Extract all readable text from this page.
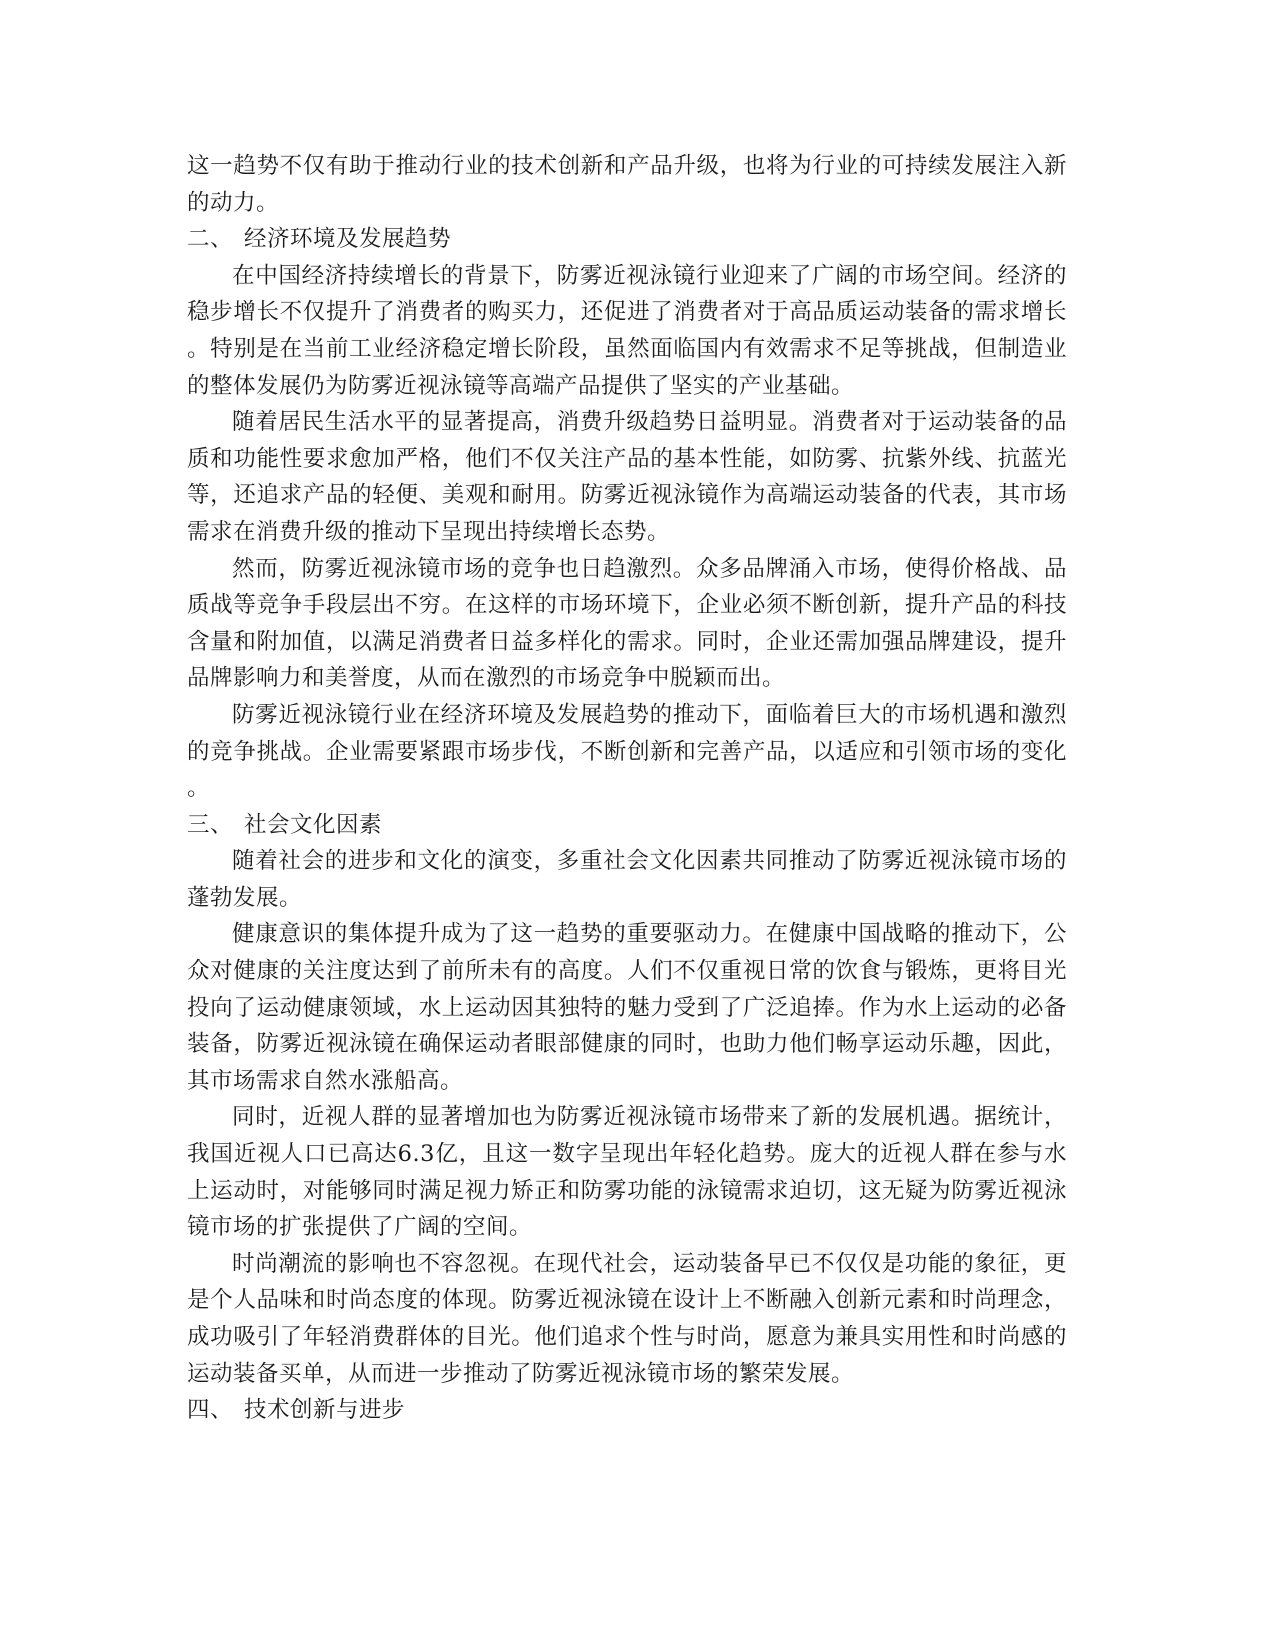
这一趋势不仅有助于推动行业的技术创新和产品升级，也将为行业的可持续发展注入新的动力。

二、 经济环境及发展趋势

在中国经济持续增长的背景下，防雾近视泳镜行业迎来了广阔的市场空间。经济的稳步增长不仅提升了消费者的购买力，还促进了消费者对于高品质运动装备的需求增长。特别是在当前工业经济稳定增长阶段，虽然面临国内有效需求不足等挑战，但制造业的整体发展仍为防雾近视泳镜等高端产品提供了坚实的产业基础。

随着居民生活水平的显著提高，消费升级趋势日益明显。消费者对于运动装备的品质和功能性要求愈加严格，他们不仅关注产品的基本性能，如防雾、抗紫外线、抗蓝光等，还追求产品的轻便、美观和耐用。防雾近视泳镜作为高端运动装备的代表，其市场需求在消费升级的推动下呈现出持续增长态势。

然而，防雾近视泳镜市场的竞争也日趋激烈。众多品牌涌入市场，使得价格战、品质战等竞争手段层出不穷。在这样的市场环境下，企业必须不断创新，提升产品的科技含量和附加值，以满足消费者日益多样化的需求。同时，企业还需加强品牌建设，提升品牌影响力和美誉度，从而在激烈的市场竞争中脱颖而出。

防雾近视泳镜行业在经济环境及发展趋势的推动下，面临着巨大的市场机遇和激烈的竞争挑战。企业需要紧跟市场步伐，不断创新和完善产品，以适应和引领市场的变化。

三、 社会文化因素

随着社会的进步和文化的演变，多重社会文化因素共同推动了防雾近视泳镜市场的蓬勃发展。

健康意识的集体提升成为了这一趋势的重要驱动力。在健康中国战略的推动下，公众对健康的关注度达到了前所未有的高度。人们不仅重视日常的饮食与锻炼，更将目光投向了运动健康领域，水上运动因其独特的魅力受到了广泛追捧。作为水上运动的必备装备，防雾近视泳镜在确保运动者眼部健康的同时，也助力他们畅享运动乐趣，因此，其市场需求自然水涨船高。

同时，近视人群的显著增加也为防雾近视泳镜市场带来了新的发展机遇。据统计，我国近视人口已高达6.3亿，且这一数字呈现出年轻化趋势。庞大的近视人群在参与水上运动时，对能够同时满足视力矫正和防雾功能的泳镜需求迫切，这无疑为防雾近视泳镜市场的扩张提供了广阔的空间。

时尚潮流的影响也不容忽视。在现代社会，运动装备早已不仅仅是功能的象征，更是个人品味和时尚态度的体现。防雾近视泳镜在设计上不断融入创新元素和时尚理念，成功吸引了年轻消费群体的目光。他们追求个性与时尚，愿意为兼具实用性和时尚感的运动装备买单，从而进一步推动了防雾近视泳镜市场的繁荣发展。

四、 技术创新与进步
